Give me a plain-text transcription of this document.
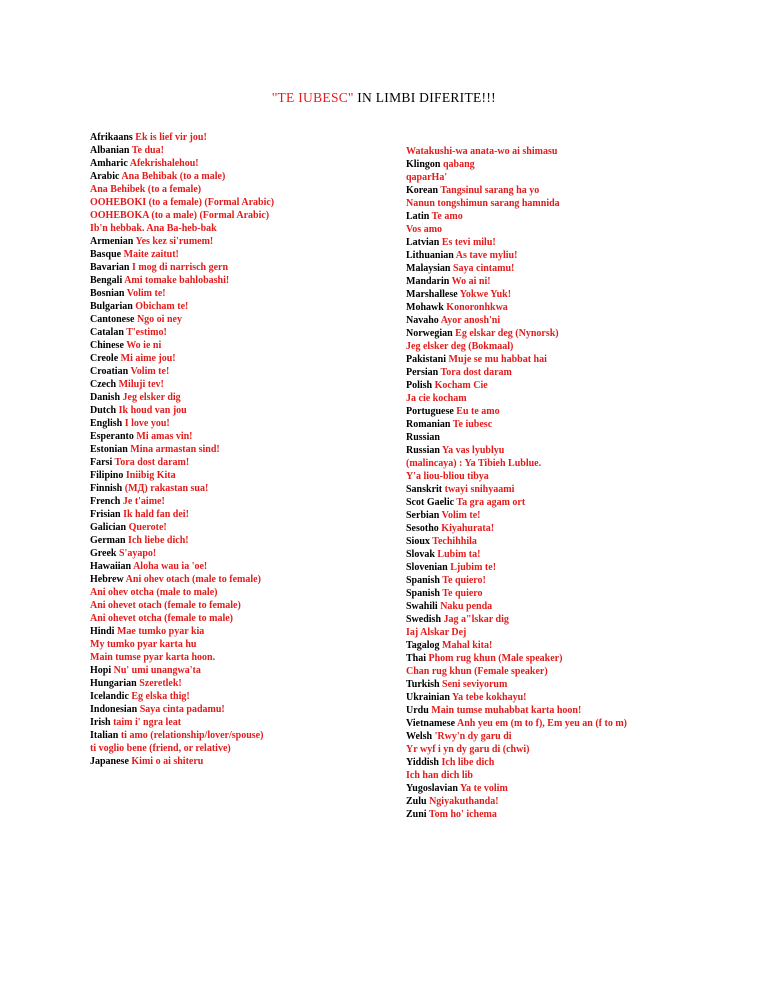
''TE IUBESC'' IN LIMBI DIFERITE!!!
Afrikaans Ek is lief vir jou!
Albanian Te dua!
Amharic Afekrishalehou!
Arabic Ana Behibak (to a male)
Ana Behibek (to a female)
OOHEBOKI (to a female) (Formal Arabic)
OOHEBOKA (to a male) (Formal Arabic)
Ib'n hebbak. Ana Ba-heb-bak
Armenian Yes kez si'rumem!
Basque Maite zaitut!
Bavarian I mog di narrisch gern
Bengali Ami tomake bahlobashi!
Bosnian Volim te!
Bulgarian Obicham te!
Cantonese Ngo oi ney
Catalan T'estimo!
Chinese Wo ie ni
Creole Mi aime jou!
Croatian Volim te!
Czech Miluji tev!
Danish Jeg elsker dig
Dutch Ik houd van jou
English I love you!
Esperanto Mi amas vin!
Estonian Mina armastan sind!
Farsi Tora dost daram!
Filipino Iniibig Kita
Finnish (МД) rakastan sua!
French Je t'aime!
Frisian Ik hald fan dei!
Galician Querote!
German Ich liebe dich!
Greek S'ayapo!
Hawaiian Aloha wau ia 'oe!
Hebrew Ani ohev otach (male to female)
Ani ohev otcha (male to male)
Ani ohevet otach (female to female)
Ani ohevet otcha (female to male)
Hindi Mae tumko pyar kia
My tumko pyar karta hu
Main tumse pyar karta hoon.
Hopi Nu' umi unangwa'ta
Hungarian Szeretlek!
Icelandic Eg elska thig!
Indonesian Saya cinta padamu!
Irish taim i' ngra leat
Italian ti amo (relationship/lover/spouse)
ti voglio bene (friend, or relative)
Japanese Kimi o ai shiteru
Watakushi-wa anata-wo ai shimasu
Klingon qabang
qaparHa'
Korean Tangsinul sarang ha yo
Nanun tongshimun sarang hamnida
Latin Te amo
Vos amo
Latvian Es tevi milu!
Lithuanian As tave myliu!
Malaysian Saya cintamu!
Mandarin Wo ai ni!
Marshallese Yokwe Yuk!
Mohawk Konoronhkwa
Navaho Ayor anosh'ni
Norwegian Eg elskar deg (Nynorsk)
Jeg elsker deg (Bokmaal)
Pakistani Muje se mu habbat hai
Persian Tora dost daram
Polish Kocham Cie
Ja cie kocham
Portuguese Eu te amo
Romanian Te iubesc
Russian
Russian Ya vas lyublyu
(malincaya) : Ya Tibieh Lublue.
Y'a liou-bliou tibya
Sanskrit twayi snihyaami
Scot Gaelic Ta gra agam ort
Serbian Volim te!
Sesotho Kiyahurata!
Sioux Techihhila
Slovak Lubim ta!
Slovenian Ljubim te!
Spanish Te quiero!
Spanish Te quiero
Swahili Naku penda
Swedish Jag a"lskar dig
Iaj Alskar Dej
Tagalog Mahal kita!
Thai Phom rug khun (Male speaker)
Chan rug khun (Female speaker)
Turkish Seni seviyorum
Ukrainian Ya tebe kokhayu!
Urdu Main tumse muhabbat karta hoon!
Vietnamese Anh yeu em (m to f), Em yeu an (f to m)
Welsh 'Rwy'n dy garu di
Yr wyf i yn dy garu di (chwi)
Yiddish Ich libe dich
Ich han dich lib
Yugoslavian Ya te volim
Zulu Ngiyakuthanda!
Zuni Tom ho' ichema
